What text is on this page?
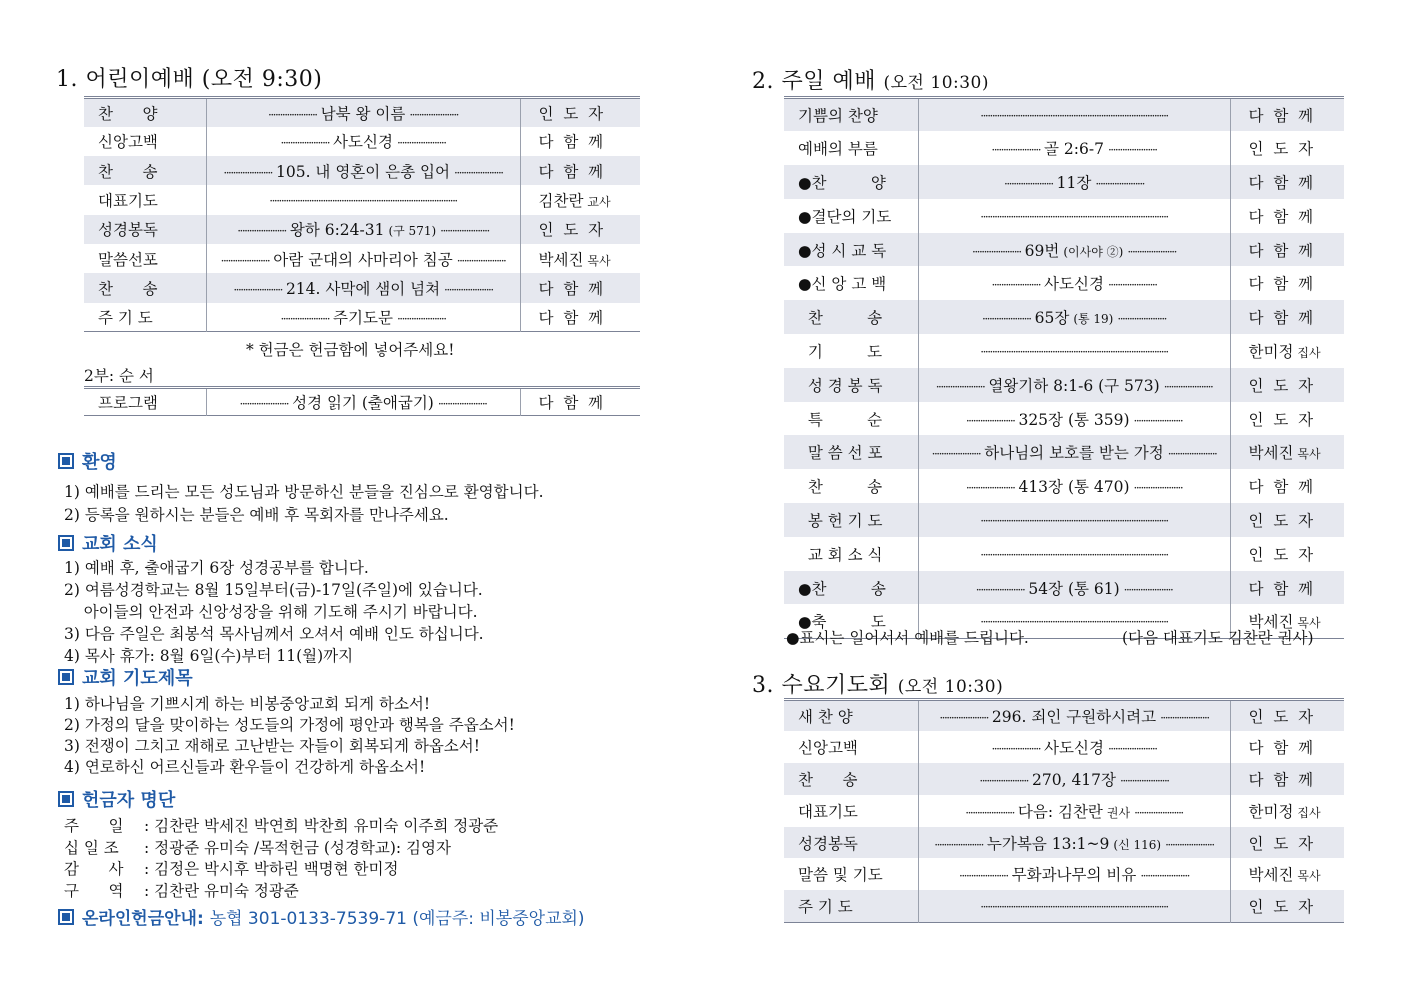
1. 어린이예배 (오전 9:30)
찬      양	····················· 남북 왕 이름 ·····················	인  도  자
신앙고백	····················· 사도신경 ·····················	다  함  께
찬      송	····················· 105. 내 영혼이 은총 입어 ·····················	다  함  께
대표기도	·················································································	김찬란 교사
성경봉독	····················· 왕하 6:24-31 (구 571) ·····················	인  도  자
말씀선포	····················· 아람 군대의 사마리아 침공 ·····················	박세진 목사
찬      송	····················· 214. 사막에 샘이 넘쳐 ·····················	다  함  께
주 기 도	····················· 주기도문 ·····················	다  함  께
* 헌금은 헌금함에 넣어주세요!
2부: 순 서
프로그램	····················· 성경 읽기 (출애굽기) ·····················	다  함  께
환영
1) 예배를 드리는 모든 성도님과 방문하신 분들을 진심으로 환영합니다.
2) 등록을 원하시는 분들은 예배 후 목회자를 만나주세요.
교회 소식
1) 예배 후, 출애굽기 6장 성경공부를 합니다.
2) 여름성경학교는 8월 15일부터(금)-17일(주일)에 있습니다.
아이들의 안전과 신앙성장을 위해 기도해 주시기 바랍니다.
3) 다음 주일은 최봉석 목사님께서 오셔서 예배 인도 하십니다.
4) 목사 휴가: 8월 6일(수)부터 11(월)까지
교회 기도제목
1) 하나님을 기쁘시게 하는 비봉중앙교회 되게 하소서!
2) 가정의 달을 맞이하는 성도들의 가정에 평안과 행복을 주옵소서!
3) 전쟁이 그치고 재해로 고난받는 자들이 회복되게 하옵소서!
4) 연로하신 어르신들과 환우들이 건강하게 하옵소서!
헌금자 명단
주      일 : 김찬란 박세진 박연희 박찬희 유미숙 이주희 정광준
십 일 조 : 정광준 유미숙 /목적헌금 (성경학교): 김영자
감      사 : 김정은 박시후 박하린 백명현 한미정
구      역 : 김찬란 유미숙 정광준
온라인헌금안내: 농협 301-0133-7539-71 (예금주: 비봉중앙교회)
2. 주일 예배 (오전 10:30)
기쁨의 찬양	·················································································	다  함  께
예배의 부름	····················· 골 2:6-7 ·····················	인  도  자
●찬         양	····················· 11장 ·····················	다  함  께
●결단의 기도	·················································································	다  함  께
●성 시 교 독	····················· 69번 (이사야 ②) ·····················	다  함  께
●신 앙 고 백	····················· 사도신경 ·····················	다  함  께
찬         송	····················· 65장 (통 19) ·····················	다  함  께
기         도	·················································································	한미정 집사
성 경 봉 독	····················· 열왕기하 8:1-6 (구 573) ·····················	인  도  자
특         순	····················· 325장 (통 359) ·····················	인  도  자
말 씀 선 포	····················· 하나님의 보호를 받는 가정 ·····················	박세진 목사
찬         송	····················· 413장 (통 470) ·····················	다  함  께
봉 헌 기 도	·················································································	인  도  자
교 회 소 식	·················································································	인  도  자
●찬         송	····················· 54장 (통 61) ·····················	다  함  께
●축         도	·················································································	박세진 목사
●표시는 일어서서 예배를 드립니다.	(다음 대표기도 김찬란 권사)
3. 수요기도회 (오전 10:30)
새 찬 양	····················· 296. 죄인 구원하시려고 ·····················	인  도  자
신앙고백	····················· 사도신경 ·····················	다  함  께
찬      송	····················· 270, 417장 ·····················	다  함  께
대표기도	····················· 다음: 김찬란 권사 ·····················	한미정 집사
성경봉독	····················· 누가복음 13:1~9 (신 116) ·····················	인  도  자
말씀 및 기도	····················· 무화과나무의 비유 ·····················	박세진 목사
주 기 도	·················································································	인  도  자
